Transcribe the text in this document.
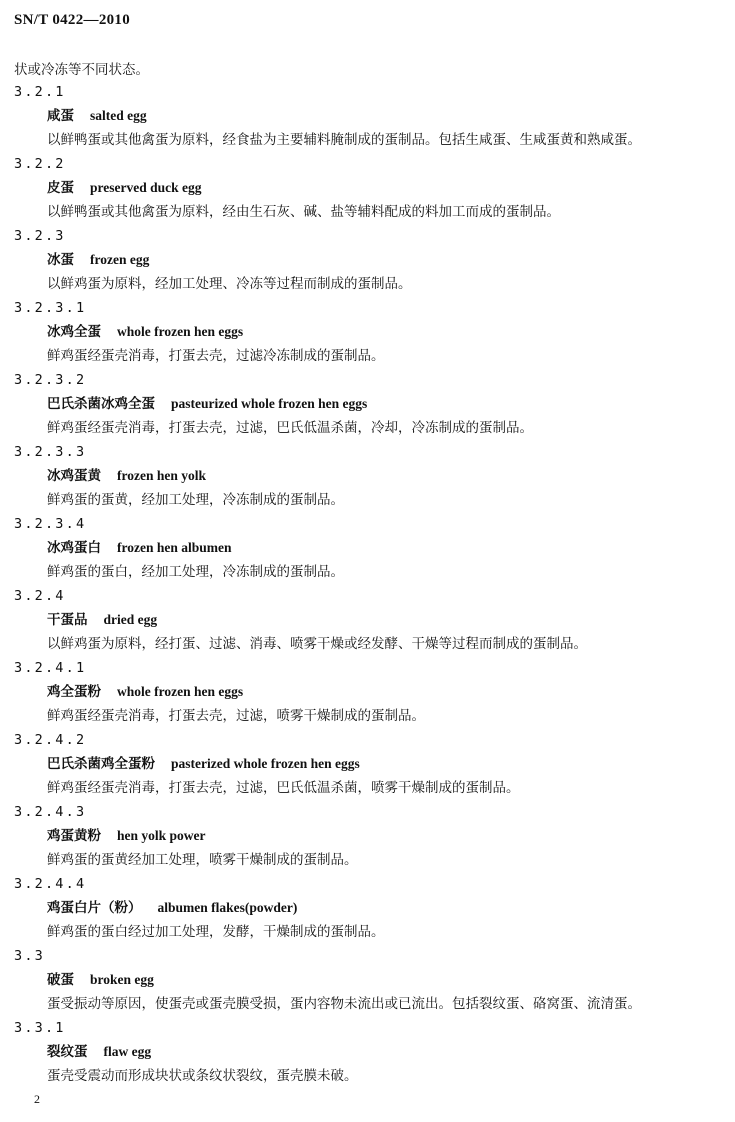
SN/T 0422—2010
状或冷冻等不同状态。
3.2.1
咸蛋 salted egg
以鲜鸭蛋或其他禽蛋为原料，经食盐为主要辅料腌制成的蛋制品。包括生咸蛋、生咸蛋黄和熟咸蛋。
3.2.2
皮蛋 preserved duck egg
以鲜鸭蛋或其他禽蛋为原料，经由生石灰、碱、盐等辅料配成的料加工而成的蛋制品。
3.2.3
冰蛋 frozen egg
以鲜鸡蛋为原料，经加工处理、冷冻等过程而制成的蛋制品。
3.2.3.1
冰鸡全蛋 whole frozen hen eggs
鲜鸡蛋经蛋壳消毒，打蛋去壳，过滤冷冻制成的蛋制品。
3.2.3.2
巴氏杀菌冰鸡全蛋 pasteurized whole frozen hen eggs
鲜鸡蛋经蛋壳消毒，打蛋去壳，过滤，巴氏低温杀菌，冷却，冷冻制成的蛋制品。
3.2.3.3
冰鸡蛋黄 frozen hen yolk
鲜鸡蛋的蛋黄，经加工处理，冷冻制成的蛋制品。
3.2.3.4
冰鸡蛋白 frozen hen albumen
鲜鸡蛋的蛋白，经加工处理，冷冻制成的蛋制品。
3.2.4
干蛋品 dried egg
以鲜鸡蛋为原料，经打蛋、过滤、消毒、喷雾干燥或经发酵、干燥等过程而制成的蛋制品。
3.2.4.1
鸡全蛋粉 whole frozen hen eggs
鲜鸡蛋经蛋壳消毒，打蛋去壳，过滤，喷雾干燥制成的蛋制品。
3.2.4.2
巴氏杀菌鸡全蛋粉 pasterized whole frozen hen eggs
鲜鸡蛋经蛋壳消毒，打蛋去壳，过滤，巴氏低温杀菌，喷雾干燥制成的蛋制品。
3.2.4.3
鸡蛋黄粉 hen yolk power
鲜鸡蛋的蛋黄经加工处理，喷雾干燥制成的蛋制品。
3.2.4.4
鸡蛋白片（粉） albumen flakes(powder)
鲜鸡蛋的蛋白经过加工处理，发酵，干燥制成的蛋制品。
3.3
破蛋 broken egg
蛋受振动等原因，使蛋壳或蛋壳膜受损，蛋内容物未流出或已流出。包括裂纹蛋、硌窝蛋、流清蛋。
3.3.1
裂纹蛋 flaw egg
蛋壳受震动而形成块状或条纹状裂纹，蛋壳膜未破。
2
